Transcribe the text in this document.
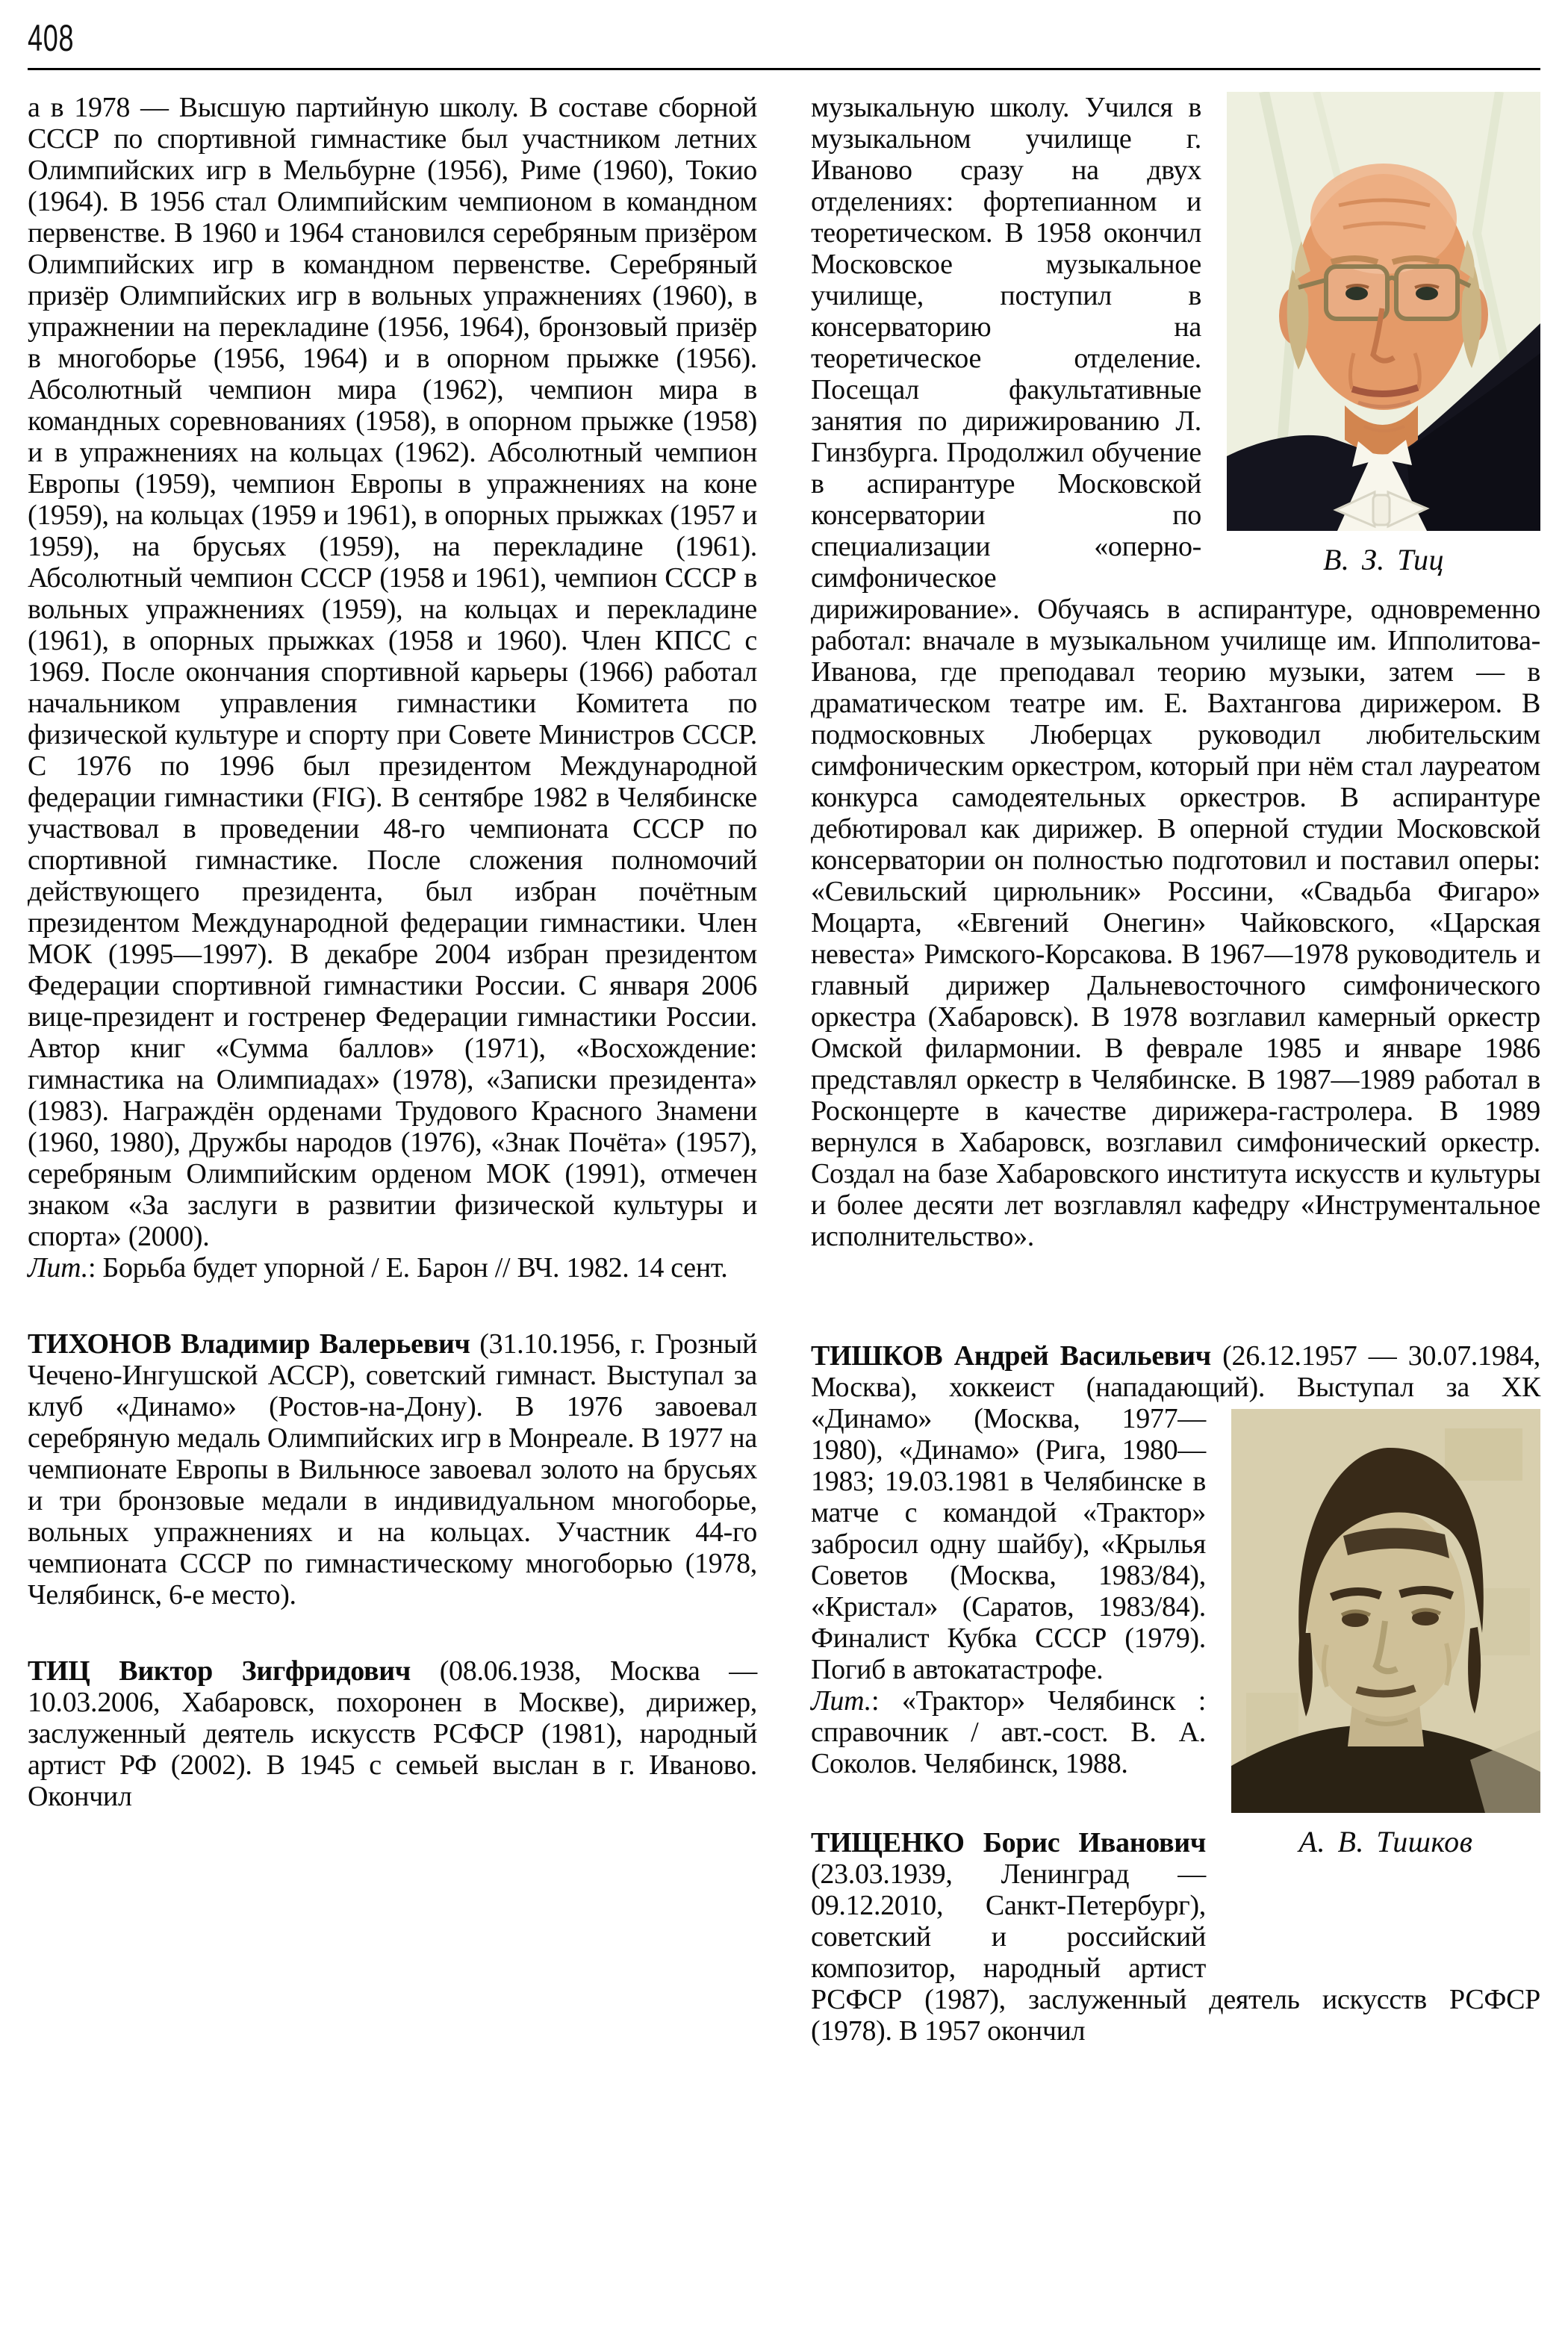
408

а в 1978 — Высшую партийную школу. В составе сборной СССР по спортивной гимнастике был участником летних Олимпийских игр в Мельбурне (1956), Риме (1960), Токио (1964). В 1956 стал Олимпийским чемпионом в командном первенстве. В 1960 и 1964 становился серебряным призёром Олимпийских игр в командном первенстве. Серебряный призёр Олимпийских игр в вольных упражнениях (1960), в упражнении на перекладине (1956, 1964), бронзовый призёр в многоборье (1956, 1964) и в опорном прыжке (1956). Абсолютный чемпион мира (1962), чемпион мира в командных соревнованиях (1958), в опорном прыжке (1958) и в упражнениях на кольцах (1962). Абсолютный чемпион Европы (1959), чемпион Европы в упражнениях на коне (1959), на кольцах (1959 и 1961), в опорных прыжках (1957 и 1959), на брусьях (1959), на перекладине (1961). Абсолютный чемпион СССР (1958 и 1961), чемпион СССР в вольных упражнениях (1959), на кольцах и перекладине (1961), в опорных прыжках (1958 и 1960). Член КПСС с 1969. После окончания спортивной карьеры (1966) работал начальником управления гимнастики Комитета по физической культуре и спорту при Совете Министров СССР. С 1976 по 1996 был президентом Международной федерации гимнастики (FIG). В сентябре 1982 в Челябинске участвовал в проведении 48-го чемпионата СССР по спортивной гимнастике. После сложения полномочий действующего президента, был избран почётным президентом Международной федерации гимнастики. Член МОК (1995—1997). В декабре 2004 избран президентом Федерации спортивной гимнастики России. С января 2006 вице-президент и гостренер Федерации гимнастики России. Автор книг «Сумма баллов» (1971), «Восхождение: гимнастика на Олимпиадах» (1978), «Записки президента» (1983). Награждён орденами Трудового Красного Знамени (1960, 1980), Дружбы народов (1976), «Знак Почёта» (1957), серебряным Олимпийским орденом МОК (1991), отмечен знаком «За заслуги в развитии физической культуры и спорта» (2000).

Лит.: Борьба будет упорной / Е. Барон // ВЧ. 1982. 14 сент.

ТИХОНОВ Владимир Валерьевич (31.10.1956, г. Грозный Чечено-Ингушской АССР), советский гимнаст. Выступал за клуб «Динамо» (Ростов-на-Дону). В 1976 завоевал серебряную медаль Олимпийских игр в Монреале. В 1977 на чемпионате Европы в Вильнюсе завоевал золото на брусьях и три бронзовые медали в индивидуальном многоборье, вольных упражнениях и на кольцах. Участник 44-го чемпионата СССР по гимнастическому многоборью (1978, Челябинск, 6-е место).

ТИЦ Виктор Зигфридович (08.06.1938, Москва — 10.03.2006, Хабаровск, похоронен в Москве), дирижер, заслуженный деятель искусств РСФСР (1981), народный артист РФ (2002). В 1945 с семьей выслан в г. Иваново. Окончил

В. З. Тиц

музыкальную школу. Учился в музыкальном училище г. Иваново сразу на двух отделениях: фортепианном и теоретическом. В 1958 окончил Московское музыкальное училище, поступил в консерваторию на теоретическое отделение. Посещал факультативные занятия по дирижированию Л. Гинзбурга. Продолжил обучение в аспирантуре Московской консерватории по специализации «оперно-симфоническое дирижирование». Обучаясь в аспирантуре, одновременно работал: вначале в музыкальном училище им. Ипполитова-Иванова, где преподавал теорию музыки, затем — в драматическом театре им. Е. Вахтангова дирижером. В подмосковных Люберцах руководил любительским симфоническим оркестром, который при нём стал лауреатом конкурса самодеятельных оркестров. В аспирантуре дебютировал как дирижер. В оперной студии Московской консерватории он полностью подготовил и поставил оперы: «Севильский цирюльник» Россини, «Свадьба Фигаро» Моцарта, «Евгений Онегин» Чайковского, «Царская невеста» Римского-Корсакова. В 1967—1978 руководитель и главный дирижер Дальневосточного симфонического оркестра (Хабаровск). В 1978 возглавил камерный оркестр Омской филармонии. В феврале 1985 и январе 1986 представлял оркестр в Челябинске. В 1987—1989 работал в Росконцерте в качестве дирижера-гастролера. В 1989 вернулся в Хабаровск, возглавил симфонический оркестр. Создал на базе Хабаровского института искусств и культуры и более десяти лет возглавлял кафедру «Инструментальное исполнительство».

ТИШКОВ Андрей Васильевич (26.12.1957 — 30.07.1984, Москва), хоккеист (нападающий).
А. В. Тишков
Выступал за ХК «Динамо» (Москва, 1977—1980), «Динамо» (Рига, 1980—1983; 19.03.1981 в Челябинске в матче с командой «Трактор» забросил одну шайбу), «Крылья Советов (Москва, 1983/84), «Кристал» (Саратов, 1983/84). Финалист Кубка СССР (1979). Погиб в автокатастрофе.

Лит.: «Трактор» Челябинск : справочник / авт.-сост. В. А. Соколов. Челябинск, 1988.

ТИЩЕНКО Борис Иванович (23.03.1939, Ленинград — 09.12.2010, Санкт-Петербург), советский и российский композитор, народный артист РСФСР (1987), заслуженный деятель искусств РСФСР (1978). В 1957 окончил
